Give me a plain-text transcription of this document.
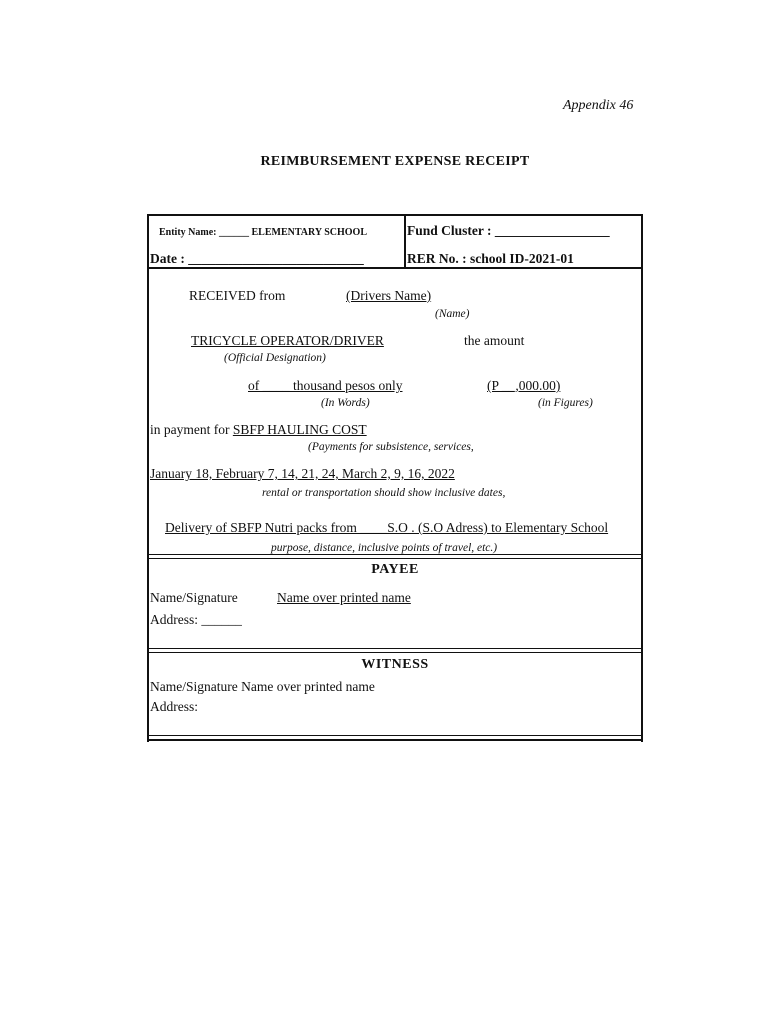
Appendix 46
REIMBURSEMENT EXPENSE RECEIPT
Entity Name: ______ ELEMENTARY SCHOOL	Fund Cluster : _________________
Date : __________________________	RER No. : school ID-2021-01
RECEIVED from	(Drivers Name)
(Name)
TRICYCLE OPERATOR/DRIVER	the amount
(Official Designation)
of ____ thousand pesos only	(P __,000.00)
(In Words)	(in Figures)
in payment for SBFP HAULING COST
(Payments for subsistence, services,
January 18, February 7, 14, 21, 24, March 2, 9, 16, 2022
rental or transportation should show inclusive dates,
Delivery of SBFP Nutri packs from ____S.O . (S.O Adress) to Elementary School
purpose, distance, inclusive points of travel, etc.)
PAYEE
Name/Signature	Name over printed name
Address: ______
WITNESS
Name/Signature Name over printed name
Address:
